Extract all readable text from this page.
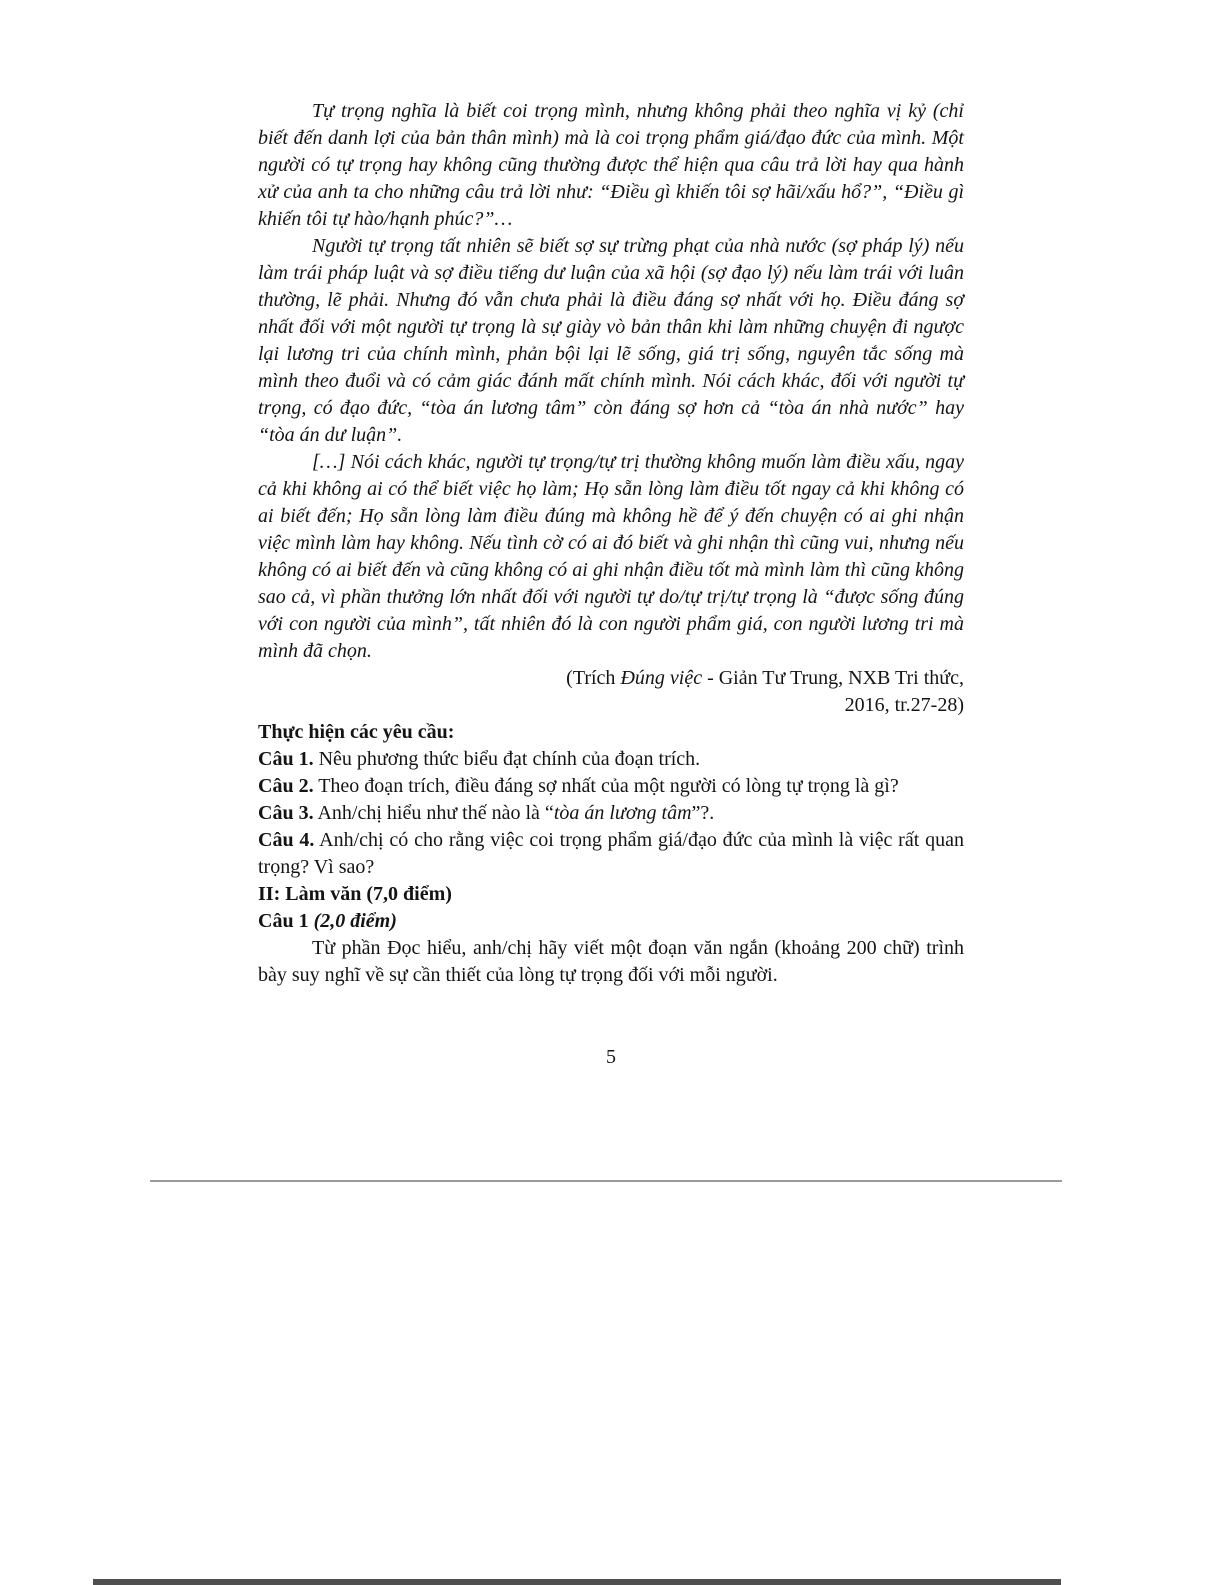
Tự trọng nghĩa là biết coi trọng mình, nhưng không phải theo nghĩa vị kỷ (chỉ biết đến danh lợi của bản thân mình) mà là coi trọng phẩm giá/đạo đức của mình. Một người có tự trọng hay không cũng thường được thể hiện qua câu trả lời hay qua hành xử của anh ta cho những câu trả lời như: “Điều gì khiến tôi sợ hãi/xấu hổ?”, “Điều gì khiến tôi tự hào/hạnh phúc?”…

Người tự trọng tất nhiên sẽ biết sợ sự trừng phạt của nhà nước (sợ pháp lý) nếu làm trái pháp luật và sợ điều tiếng dư luận của xã hội (sợ đạo lý) nếu làm trái với luân thường, lẽ phải. Nhưng đó vẫn chưa phải là điều đáng sợ nhất với họ. Điều đáng sợ nhất đối với một người tự trọng là sự giày vò bản thân khi làm những chuyện đi ngược lại lương tri của chính mình, phản bội lại lẽ sống, giá trị sống, nguyên tắc sống mà mình theo đuổi và có cảm giác đánh mất chính mình. Nói cách khác, đối với người tự trọng, có đạo đức, “tòa án lương tâm” còn đáng sợ hơn cả “tòa án nhà nước” hay “tòa án dư luận”.

[…] Nói cách khác, người tự trọng/tự trị thường không muốn làm điều xấu, ngay cả khi không ai có thể biết việc họ làm; Họ sẵn lòng làm điều tốt ngay cả khi không có ai biết đến; Họ sẵn lòng làm điều đúng mà không hề để ý đến chuyện có ai ghi nhận việc mình làm hay không. Nếu tình cờ có ai đó biết và ghi nhận thì cũng vui, nhưng nếu không có ai biết đến và cũng không có ai ghi nhận điều tốt mà mình làm thì cũng không sao cả, vì phần thưởng lớn nhất đối với người tự do/tự trị/tự trọng là “được sống đúng với con người của mình”, tất nhiên đó là con người phẩm giá, con người lương tri mà mình đã chọn.

(Trích Đúng việc - Giản Tư Trung, NXB Tri thức,

2016, tr.27-28)

Thực hiện các yêu cầu:

Câu 1. Nêu phương thức biểu đạt chính của đoạn trích.

Câu 2. Theo đoạn trích, điều đáng sợ nhất của một người có lòng tự trọng là gì?

Câu 3. Anh/chị hiểu như thế nào là “tòa án lương tâm”?.

Câu 4. Anh/chị có cho rằng việc coi trọng phẩm giá/đạo đức của mình là việc rất quan trọng? Vì sao?

II: Làm văn (7,0 điểm)

Câu 1 (2,0 điểm)

Từ phần Đọc hiểu, anh/chị hãy viết một đoạn văn ngắn (khoảng 200 chữ) trình bày suy nghĩ về sự cần thiết của lòng tự trọng đối với mỗi người.

5
